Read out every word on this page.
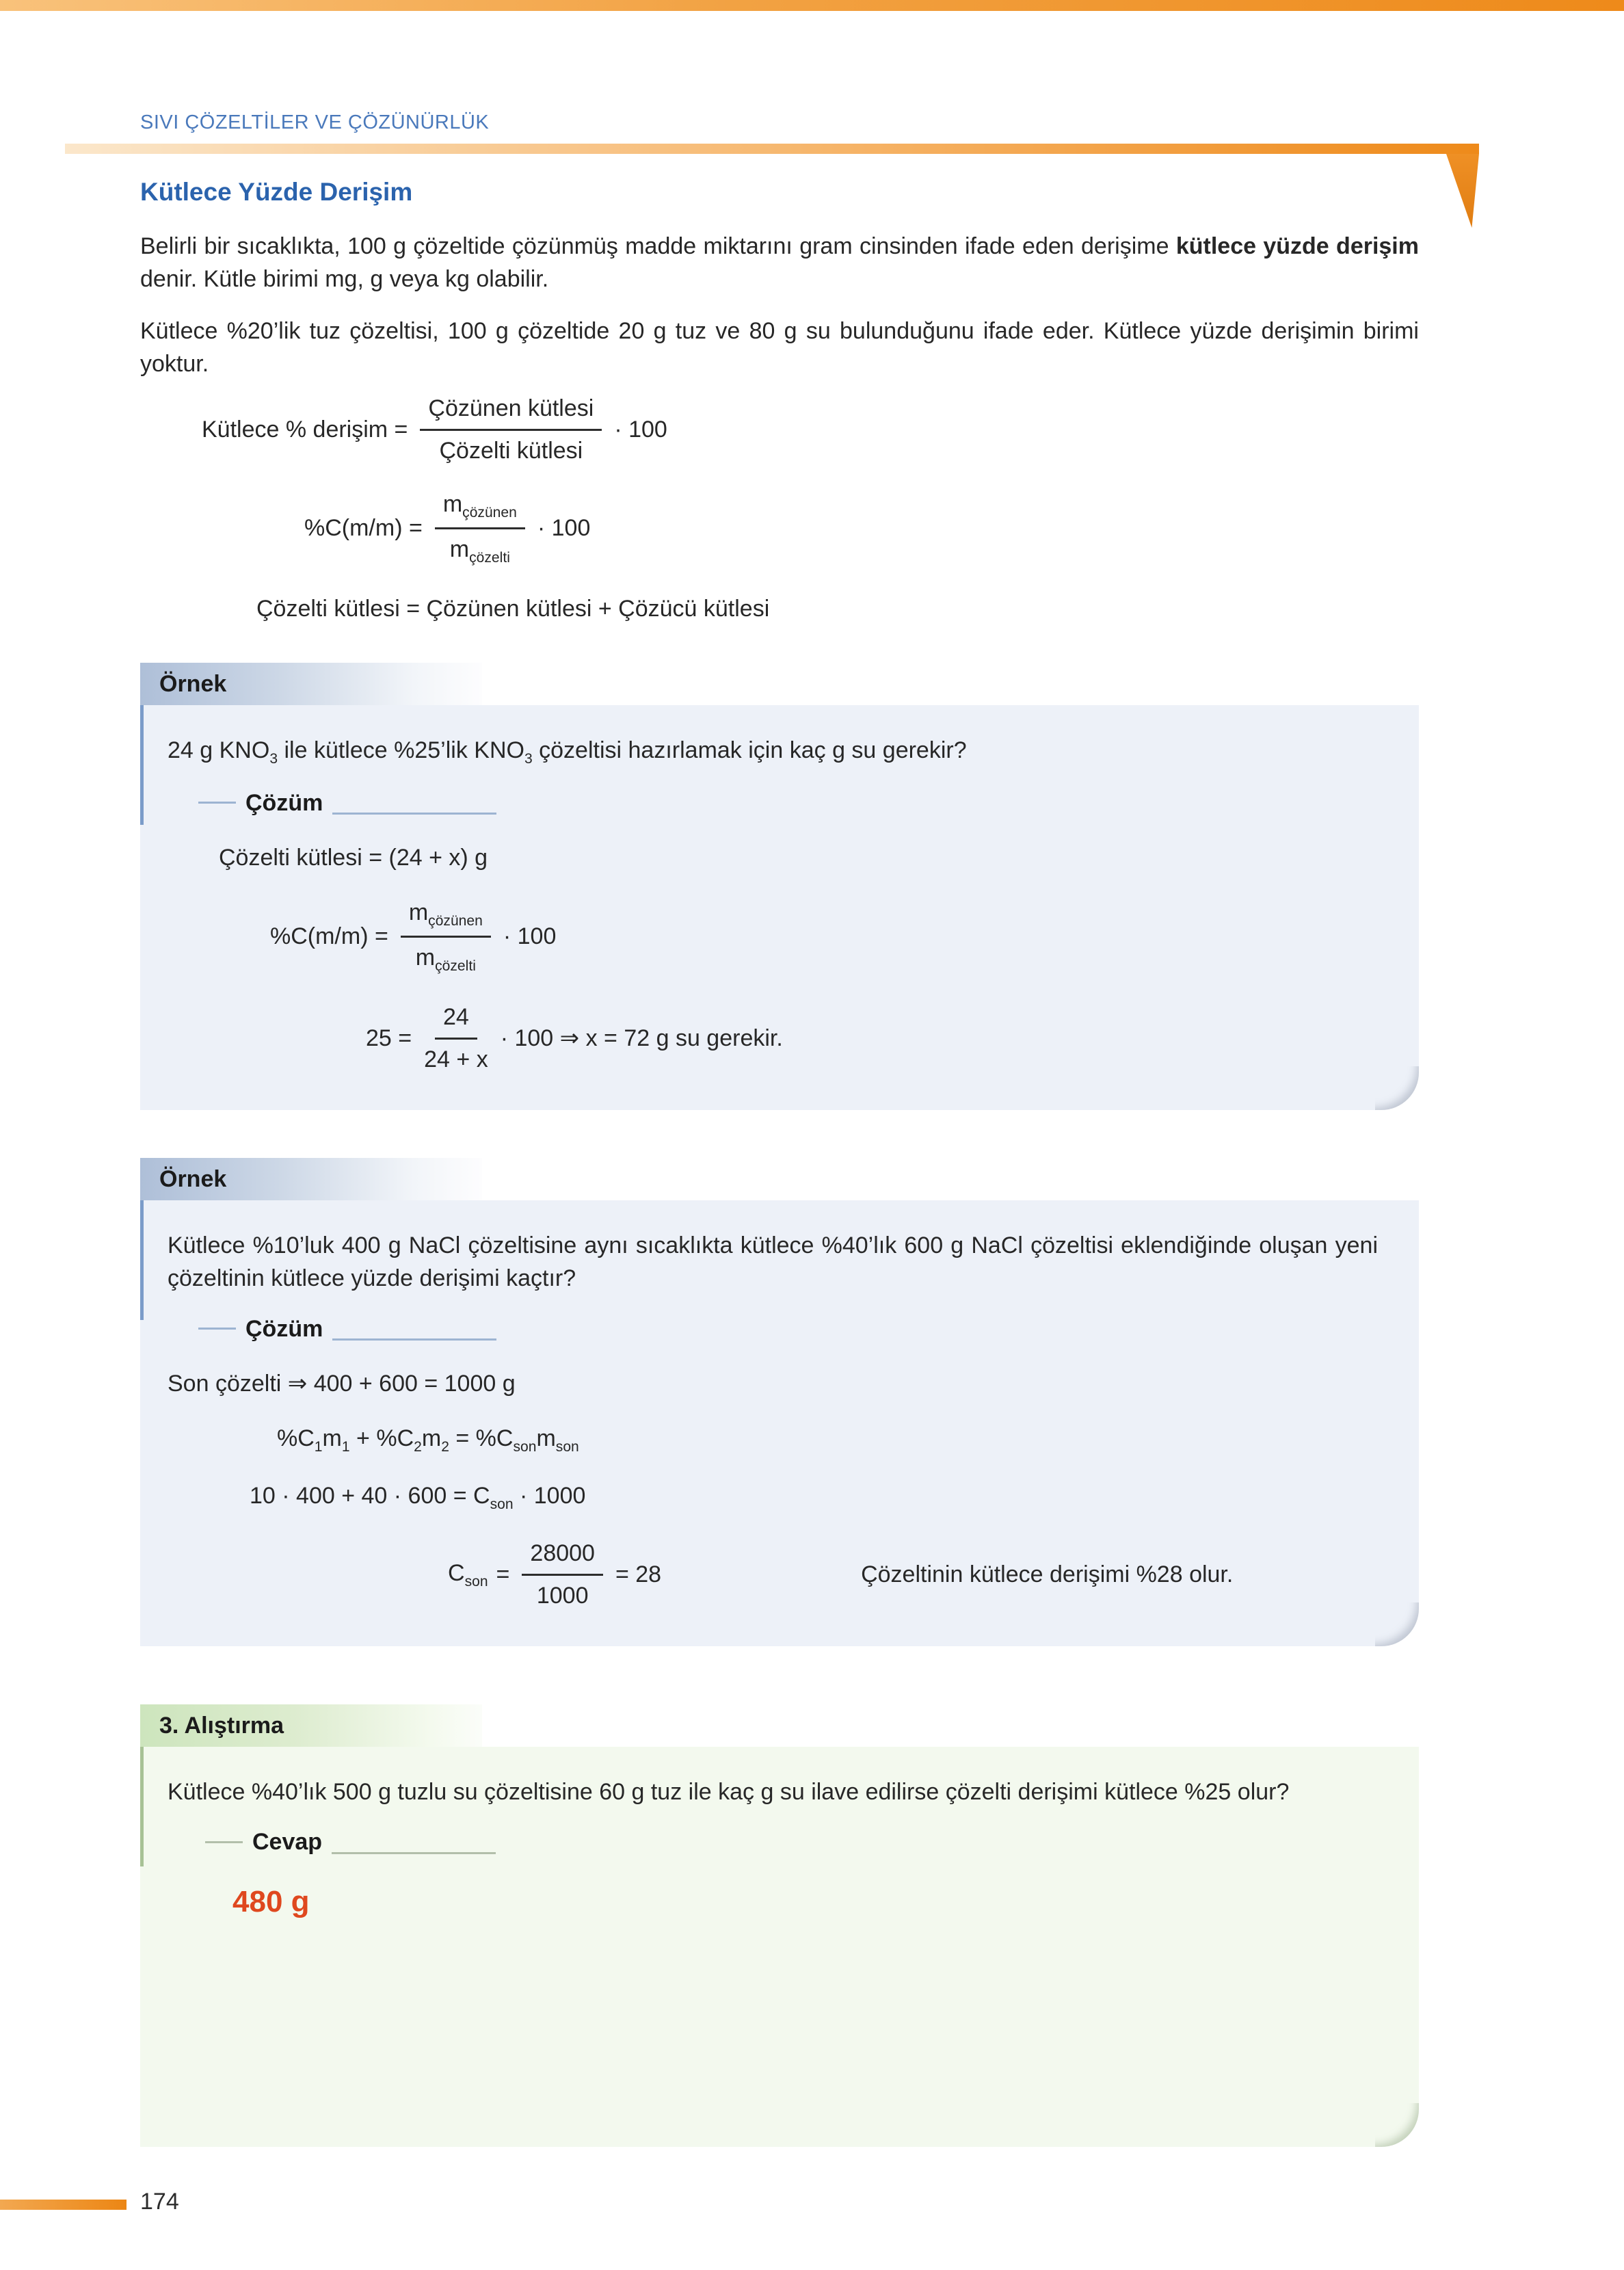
SIVI ÇÖZELTİLER VE ÇÖZÜNÜRLÜK
Kütlece Yüzde Derişim

Belirli bir sıcaklıkta, 100 g çözeltide çözünmüş madde miktarını gram cinsinden ifade eden derişime kütlece yüzde derişim denir. Kütle birimi mg, g veya kg olabilir.

Kütlece %20’lik tuz çözeltisi, 100 g çözeltide 20 g tuz ve 80 g su bulunduğunu ifade eder. Kütlece yüzde derişimin birimi yoktur.

Kütlece % derişim = $\frac{\text{Çözünen kütlesi}}{\text{Çözelti kütlesi}} \cdot 100$
$\%C(m/m) = \frac{m_{çözünen}}{m_{çözelti}} \cdot 100$
Çözelti kütlesi = Çözünen kütlesi + Çözücü kütlesi
Örnek

24 g $KNO_3$ ile kütlece %25’lik $KNO_3$ çözeltisi hazırlamak için kaç g su gerekir?

Çözüm
Çözelti kütlesi = (24 + x) g
$\%C(m/m) = \frac{m_{çözünen}}{m_{çözelti}} \cdot 100$
$25 = \frac{24}{24 + x} \cdot 100$ ⇒ x = 72 g su gerekir.
Örnek

Kütlece %10’luk 400 g NaCl çözeltisine aynı sıcaklıkta kütlece %40’lık 600 g NaCl çözeltisi eklendiğinde oluşan yeni çözeltinin kütlece yüzde derişimi kaçtır?

Çözüm
Son çözelti ⇒ 400 + 600 = 1000 g
$\%C_1m_1 + \%C_2m_2 = \%C_{son}m_{son}$
$10 \cdot 400 + 40 \cdot 600 = C_{son} \cdot 1000$
$C_{son} = \frac{28000}{1000} = 28$	Çözeltinin kütlece derişimi %28 olur.
3. Alıştırma

Kütlece %40’lık 500 g tuzlu su çözeltisine 60 g tuz ile kaç g su ilave edilirse çözelti derişimi kütlece %25 olur?

Cevap
480 g
174
